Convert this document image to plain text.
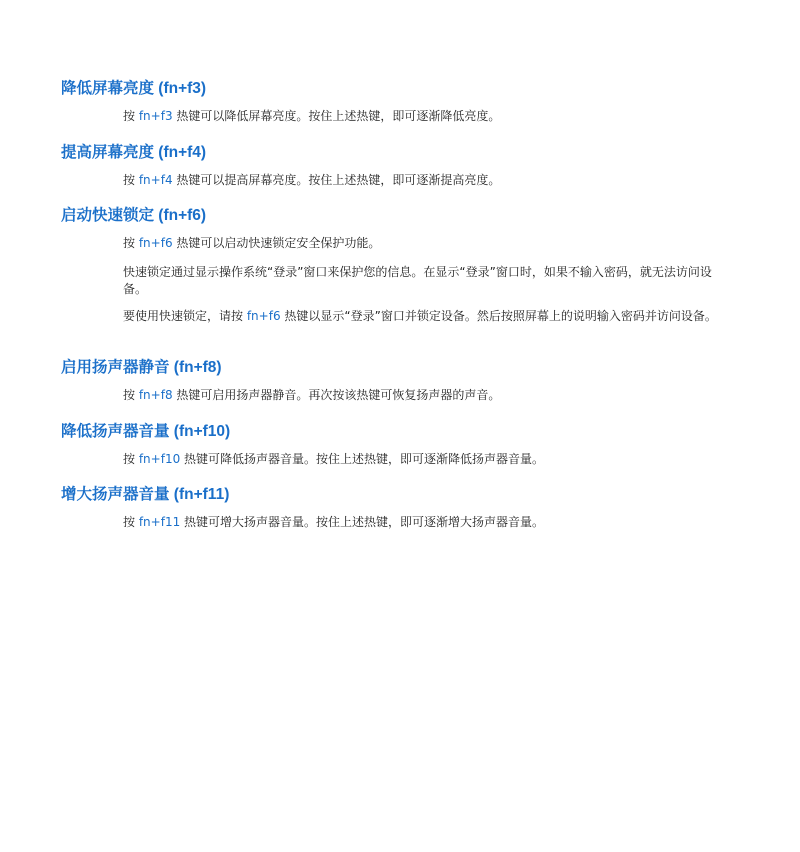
降低屏幕亮度 (fn+f3)

按 fn+f3 热键可以降低屏幕亮度。按住上述热键，即可逐渐降低亮度。

提高屏幕亮度 (fn+f4)

按 fn+f4 热键可以提高屏幕亮度。按住上述热键，即可逐渐提高亮度。

启动快速锁定 (fn+f6)

按 fn+f6 热键可以启动快速锁定安全保护功能。

快速锁定通过显示操作系统“登录”窗口来保护您的信息。在显示“登录”窗口时，如果不输入密码，就无法访问设备。

要使用快速锁定，请按 fn+f6 热键以显示“登录”窗口并锁定设备。然后按照屏幕上的说明输入密码并访问设备。

启用扬声器静音 (fn+f8)

按 fn+f8 热键可启用扬声器静音。再次按该热键可恢复扬声器的声音。

降低扬声器音量 (fn+f10)

按 fn+f10 热键可降低扬声器音量。按住上述热键，即可逐渐降低扬声器音量。

增大扬声器音量 (fn+f11)

按 fn+f11 热键可增大扬声器音量。按住上述热键，即可逐渐增大扬声器音量。
